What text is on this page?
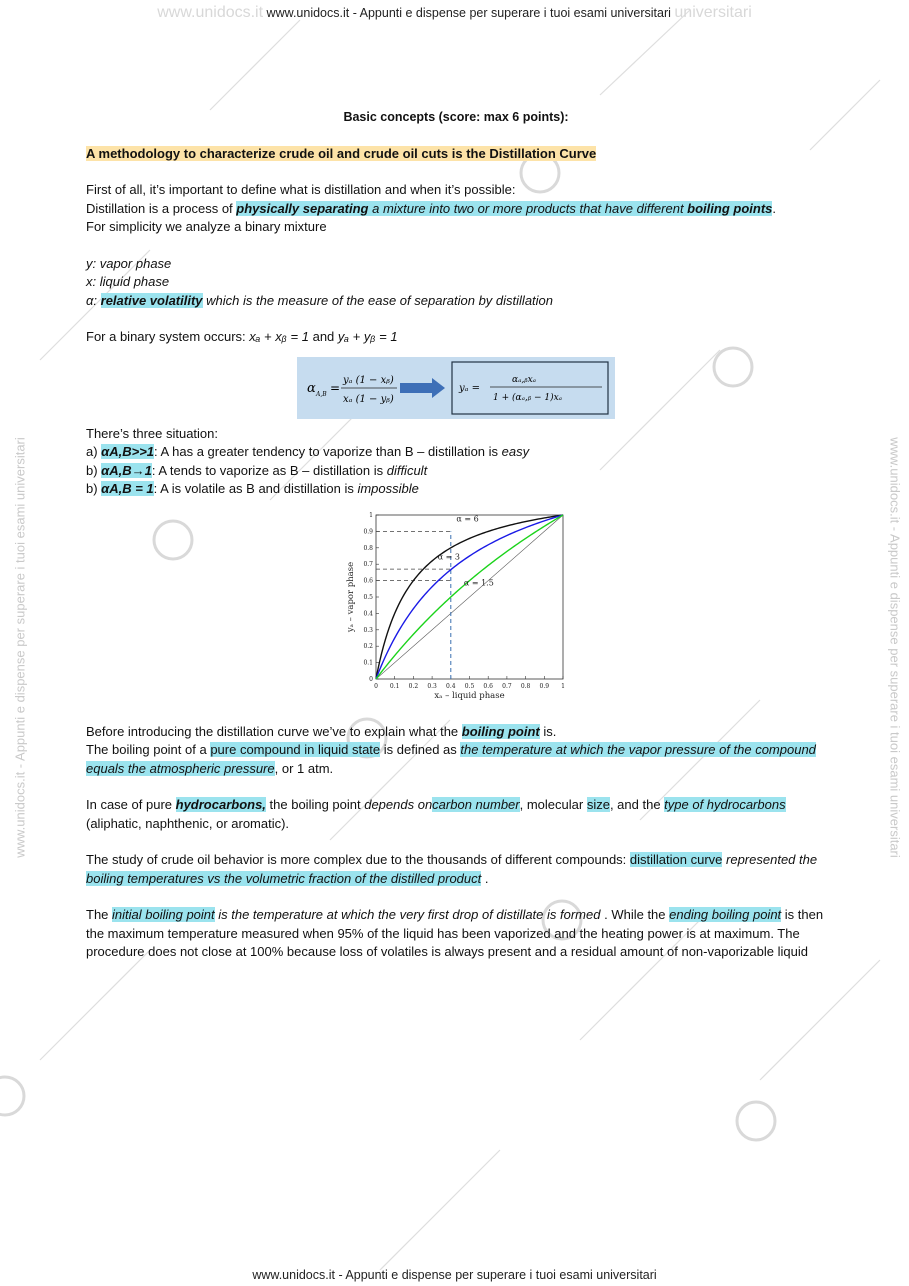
www.unidocs.it www.unidocs.it - Appunti e dispense per superare i tuoi esami universitari universitari
www.unidocs.it - Appunti e dispense per superare i tuoi esami universitari	www.unidocs.it - Appunti e dispense per superare i tuoi esami universitari

Basic concepts (score: max 6 points):

A methodology to characterize crude oil and crude oil cuts is the Distillation Curve

First of all, it’s important to define what is distillation and when it’s possible:

Distillation is a process of physically separating a mixture into two or more products that have different boiling points.

For simplicity we analyze a binary mixture

y: vapor phase

x: liquid phase

α: relative volatility which is the measure of the ease of separation by distillation

For a binary system occurs: xₐ + xᵦ = 1 and yₐ + yᵦ = 1

α A,B =
yₐ (1 − xᵦ)
xₐ (1 − yᵦ)
yₐ =
αₐ,ᵦxₐ
1 + (αₐ,ᵦ − 1)xₐ

There’s three situation:

a) αA,B>>1: A has a greater tendency to vaporize than B – distillation is easy

b) αA,B→1: A tends to vaporize as B – distillation is difficult

b) αA,B = 1: A is volatile as B and distillation is impossible

0 0.1 0.2 0.3 0.4 0.5 0.6 0.7 0.8 0.9 1
0
0.1
0.2
0.3
0.4
0.5
0.6
0.7
0.8
0.9
1	α = 6
α = 3
α = 1.5
xₐ – liquid phase
yₐ – vapor phase

Before introducing the distillation curve we’ve to explain what the boiling point is.

The boiling point of a pure compound in liquid state is defined as the temperature at which the vapor pressure of the compound equals the atmospheric pressure, or 1 atm.

In case of pure hydrocarbons, the boiling point depends oncarbon number, molecular size, and the type of hydrocarbons (aliphatic, naphthenic, or aromatic).

The study of crude oil behavior is more complex due to the thousands of different compounds: distillation curve represented the boiling temperatures vs the volumetric fraction of the distilled product .

The initial boiling point is the temperature at which the very first drop of distillate is formed . While the ending boiling point is then the maximum temperature measured when 95% of the liquid has been vaporized and the heating power is at maximum. The procedure does not close at 100% because loss of volatiles is always present and a residual amount of non-vaporizable liquid

www.unidocs.it - Appunti e dispense per superare i tuoi esami universitari
